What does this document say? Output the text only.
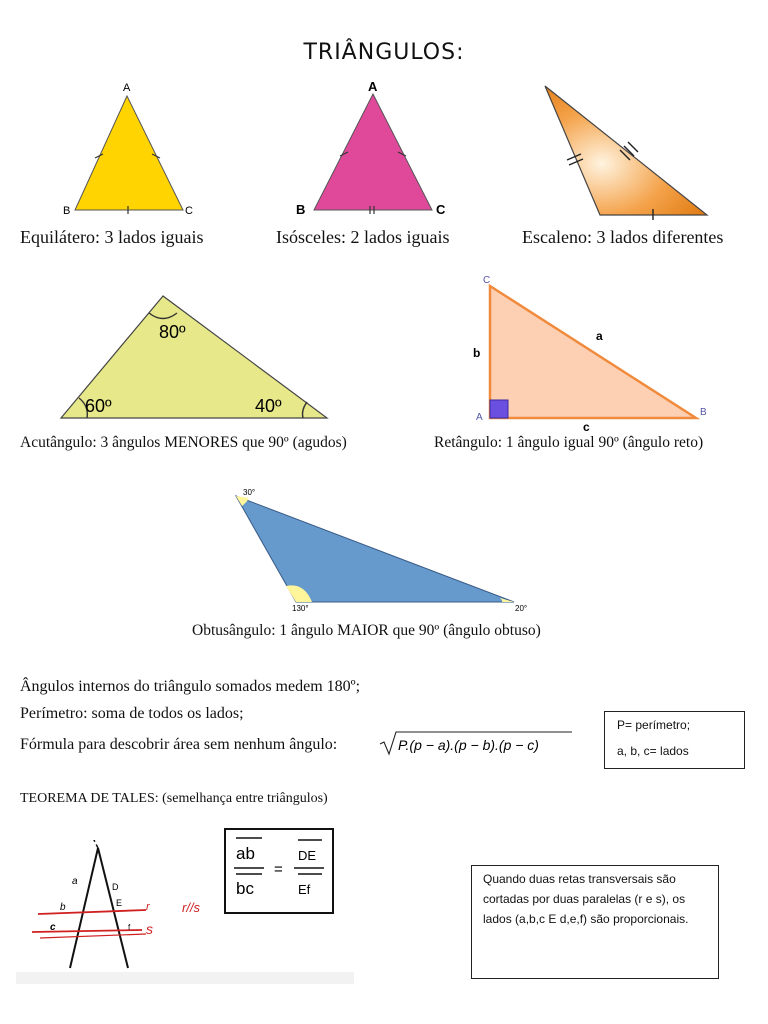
TRIÂNGULOS:
A
B	C
Equilátero: 3 lados iguais
A
B	C
Isósceles: 2 lados iguais	Escaleno: 3 lados diferentes
80º
60º	40º
Acutângulo: 3 ângulos MENORES que 90º (agudos)
C
A	B
a
b
c
Retângulo: 1 ângulo igual 90º (ângulo reto)
30°
130°	20°
Obtusângulo: 1 ângulo MAIOR que 90º (ângulo obtuso)
Ângulos internos do triângulo somados medem 180º;
Perímetro: soma de todos os lados;
Fórmula para descobrir área sem nenhum ângulo:	P.(p − a).(p − b).(p − c)
P= perímetro;
a, b, c= lados
TEOREMA DE TALES: (semelhança entre triângulos)
a
b
c
D
E
f
r
s
r//s
ab
bc
=
DE
Ef
Quando duas retas transversais são cortadas por duas paralelas (r e s), os lados (a,b,c E d,e,f) são proporcionais.
